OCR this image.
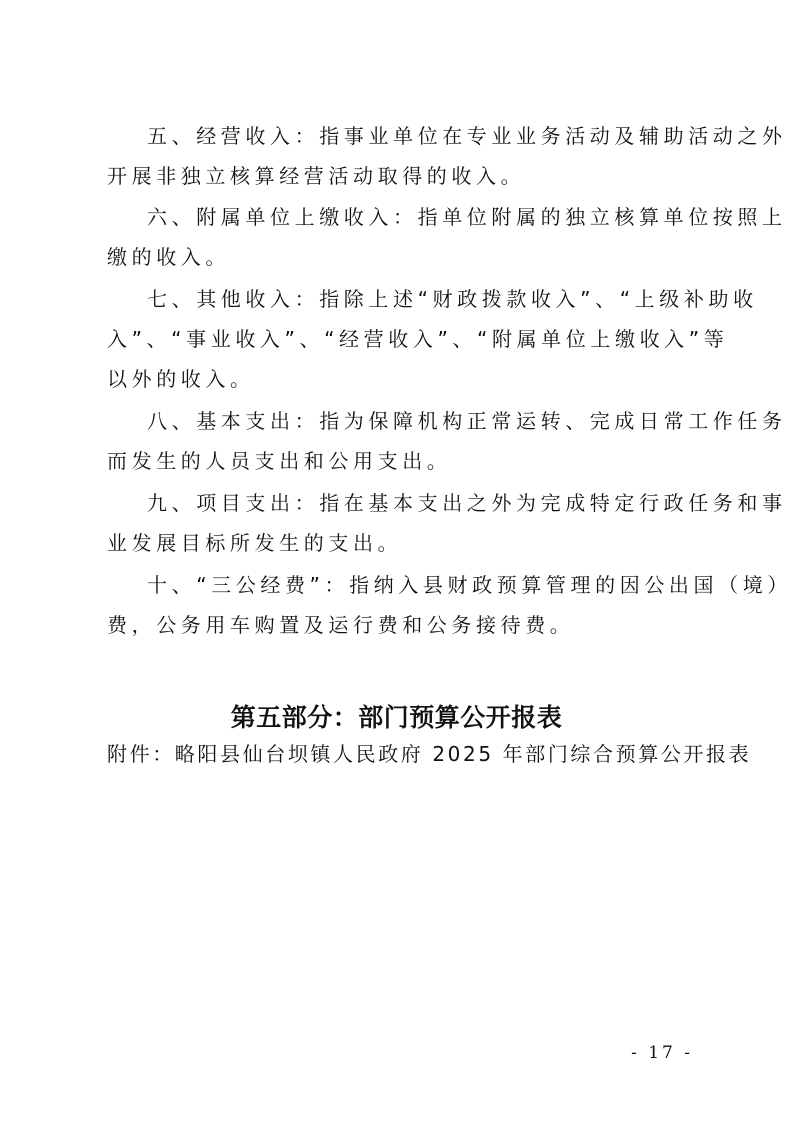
五、经营收入：指事业单位在专业业务活动及辅助活动之外
开展非独立核算经营活动取得的收入。
六、附属单位上缴收入：指单位附属的独立核算单位按照上
缴的收入。
七、其他收入：指除上述“财政拨款收入”、“上级补助收
入”、“事业收入”、“经营收入”、“附属单位上缴收入”等
以外的收入。
八、基本支出：指为保障机构正常运转、完成日常工作任务
而发生的人员支出和公用支出。
九、项目支出：指在基本支出之外为完成特定行政任务和事
业发展目标所发生的支出。
十、“三公经费”：指纳入县财政预算管理的因公出国（境）
费，公务用车购置及运行费和公务接待费。
第五部分：部门预算公开报表
附件：略阳县仙台坝镇人民政府 2025 年部门综合预算公开报表
- 17 -
